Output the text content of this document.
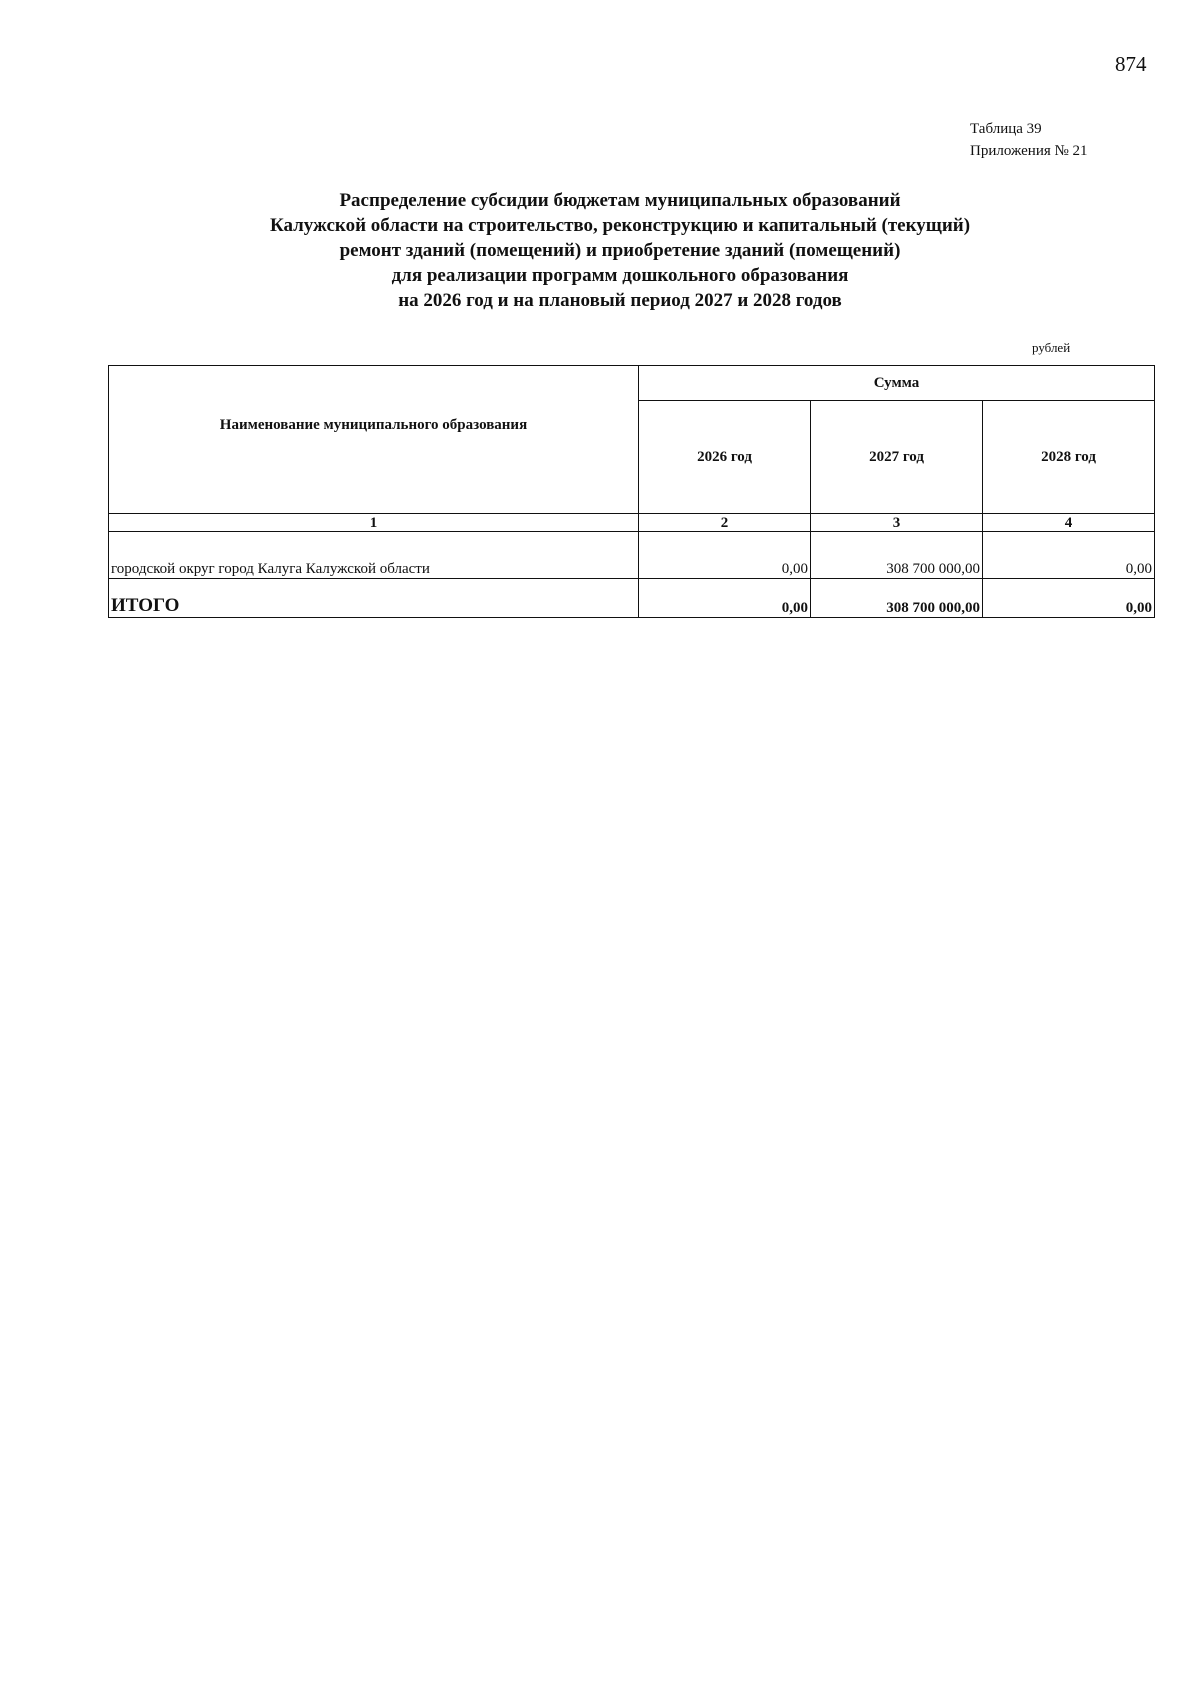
874
Таблица 39
Приложения № 21
Распределение субсидии бюджетам муниципальных образований
Калужской области на строительство, реконструкцию и капитальный (текущий)
ремонт зданий (помещений) и приобретение зданий (помещений)
для реализации программ дошкольного образования
на 2026 год и на плановый период 2027 и 2028 годов
рублей
Наименование муниципального образования	Сумма		
	2026 год	2027 год	2028 год
1	2	3	4
городской округ город Калуга Калужской области	0,00	308 700 000,00	0,00
ИТОГО	0,00	308 700 000,00	0,00
